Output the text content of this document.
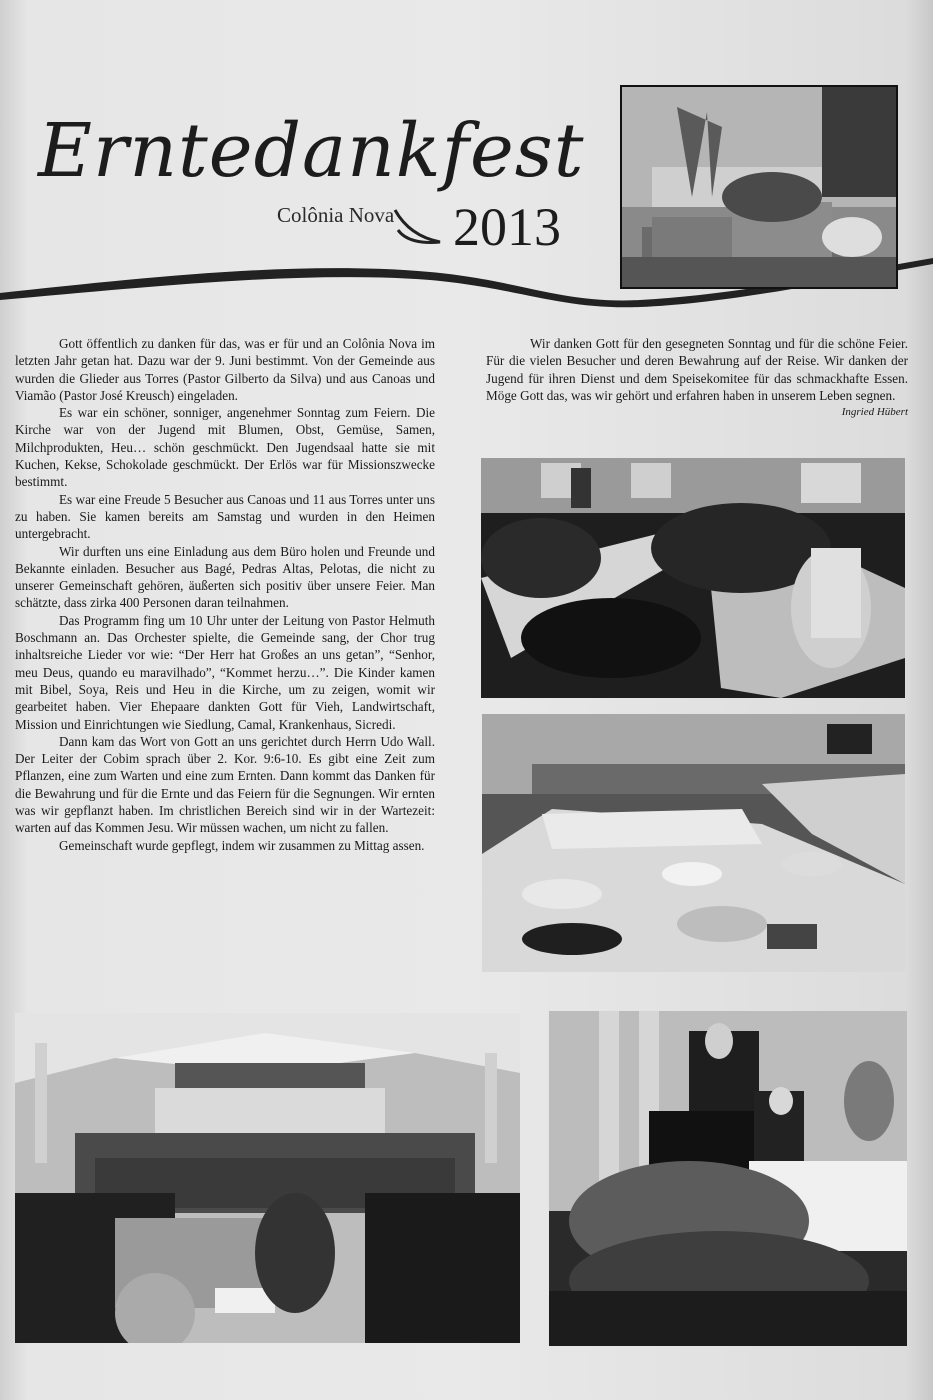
Erntedankfest
Colônia Nova 2013

Gott öffentlich zu danken für das, was er für und an Colônia Nova im letzten Jahr getan hat. Dazu war der 9. Juni bestimmt. Von der Gemeinde aus wurden die Glieder aus Torres (Pastor Gilberto da Silva) und aus Canoas und Viamão (Pastor José Kreusch) eingeladen.

Es war ein schöner, sonniger, angenehmer Sonntag zum Feiern. Die Kirche war von der Jugend mit Blumen, Obst, Gemüse, Samen, Milchprodukten, Heu… schön geschmückt. Den Jugendsaal hatte sie mit Kuchen, Kekse, Schokolade geschmückt. Der Erlös war für Missionszwecke bestimmt.

Es war eine Freude 5 Besucher aus Canoas und 11 aus Torres unter uns zu haben. Sie kamen bereits am Samstag und wurden in den Heimen untergebracht.

Wir durften uns eine Einladung aus dem Büro holen und Freunde und Bekannte einladen. Besucher aus Bagé, Pedras Altas, Pelotas, die nicht zu unserer Gemeinschaft gehören, äußerten sich positiv über unsere Feier. Man schätzte, dass zirka 400 Personen daran teilnahmen.

Das Programm fing um 10 Uhr unter der Leitung von Pastor Helmuth Boschmann an. Das Orchester spielte, die Gemeinde sang, der Chor trug inhaltsreiche Lieder vor wie: “Der Herr hat Großes an uns getan”, “Senhor, meu Deus, quando eu maravilhado”, “Kommet herzu…”. Die Kinder kamen mit Bibel, Soya, Reis und Heu in die Kirche, um zu zeigen, womit wir gearbeitet haben. Vier Ehepaare dankten Gott für Vieh, Landwirtschaft, Mission und Einrichtungen wie Siedlung, Camal, Krankenhaus, Sicredi.

Dann kam das Wort von Gott an uns gerichtet durch Herrn Udo Wall. Der Leiter der Cobim sprach über 2. Kor. 9:6-10. Es gibt eine Zeit zum Pflanzen, eine zum Warten und eine zum Ernten. Dann kommt das Danken für die Bewahrung und für die Ernte und das Feiern für die Segnungen. Wir ernten was wir gepflanzt haben. Im christlichen Bereich sind wir in der Wartezeit: warten auf das Kommen Jesu. Wir müssen wachen, um nicht zu fallen.

Gemeinschaft wurde gepflegt, indem wir zusammen zu Mittag assen.

Wir danken Gott für den gesegneten Sonntag und für die schöne Feier. Für die vielen Besucher und deren Bewahrung auf der Reise. Wir danken der Jugend für ihren Dienst und dem Speisekomitee für das schmackhafte Essen. Möge Gott das, was wir gehört und erfahren haben in unserem Leben segnen.

Ingried Hübert
